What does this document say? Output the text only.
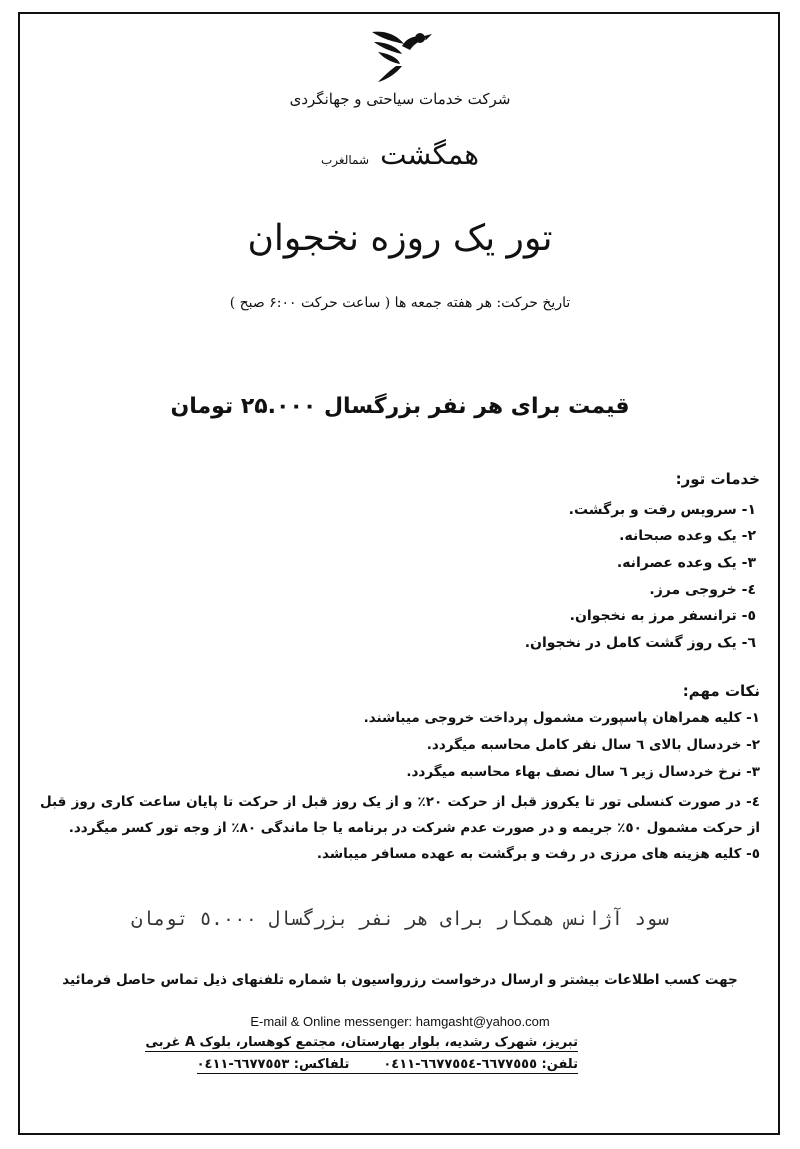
شرکت خدمات سیاحتی و جهانگردی
همگشت شمالغرب
تور یک روزه نخجوان
تاریخ حرکت: هر هفته جمعه ها ( ساعت حرکت ۶:۰۰ صبح )
قیمت برای هر نفر بزرگسال ۲۵.۰۰۰ تومان
خدمات تور:
۱- سرویس رفت و برگشت.
۲- یک وعده صبحانه.
۳- یک وعده عصرانه.
٤- خروجی مرز.
٥- ترانسفر مرز به نخجوان.
٦- یک روز گشت کامل در نخجوان.
نکات مهم:
۱- کلیه همراهان پاسپورت مشمول پرداخت خروجی میباشند.
۲- خردسال بالای ٦ سال نفر کامل محاسبه میگردد.
۳- نرخ خردسال زیر ٦ سال نصف بهاء محاسبه میگردد.
٤- در صورت کنسلی تور تا یکروز قبل از حرکت ۲۰٪ و از یک روز قبل از حرکت تا پایان ساعت کاری روز قبل از حرکت مشمول ٥۰٪ جریمه و در صورت عدم شرکت در برنامه یا جا ماندگی ۸۰٪ از وجه تور کسر میگردد.
٥- کلیه هزینه های مرزی در رفت و برگشت به عهده مسافر میباشد.
سود آژانس همکار برای هر نفر بزرگسال ٥.۰۰۰ تومان
جهت کسب اطلاعات بیشتر و ارسال درخواست رزرواسیون با شماره تلفنهای ذیل تماس حاصل فرمائید
E-mail & Online messenger: hamgasht@yahoo.com
تبریز، شهرک رشدیه، بلوار بهارستان، مجتمع کوهسار، بلوک A غربی
تلفن: ٦٦٧٧٥٥٥-٦٦٧٧٥٥٤-۰٤۱۱تلفاکس: ٦٦٧٧٥٥۳-۰٤۱۱
